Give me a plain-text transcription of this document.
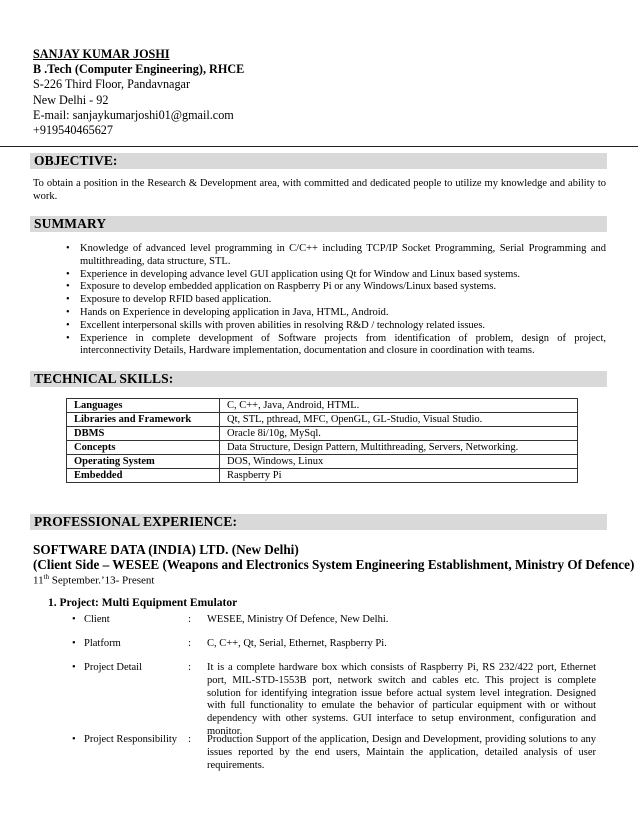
SANJAY KUMAR JOSHI
B .Tech (Computer Engineering), RHCE
S-226 Third Floor, Pandavnagar
New Delhi - 92
E-mail: sanjaykumarjoshi01@gmail.com
+919540465627
OBJECTIVE:
To obtain a position in the Research & Development area, with committed and dedicated people to utilize my knowledge and ability to work.
SUMMARY
• Knowledge of advanced level programming in C/C++ including TCP/IP Socket Programming, Serial Programming and multithreading, data structure, STL.
• Experience in developing advance level GUI application using Qt for Window and Linux based systems.
• Exposure to develop embedded application on Raspberry Pi or any Windows/Linux based systems.
• Exposure to develop RFID based application.
• Hands on Experience in developing application in Java, HTML, Android.
• Excellent interpersonal skills with proven abilities in resolving R&D / technology related issues.
• Experience in complete development of Software projects from identification of problem, design of project, interconnectivity Details, Hardware implementation, documentation and closure in coordination with teams.
TECHNICAL SKILLS:
Languages	C, C++, Java, Android, HTML.
Libraries and Framework	Qt, STL, pthread, MFC, OpenGL, GL-Studio, Visual Studio.
DBMS	Oracle 8i/10g, MySql.
Concepts	Data Structure, Design Pattern, Multithreading, Servers, Networking.
Operating System	DOS, Windows, Linux
Embedded	Raspberry Pi
PROFESSIONAL EXPERIENCE:
SOFTWARE DATA (INDIA) LTD. (New Delhi)
(Client Side – WESEE (Weapons and Electronics System Engineering Establishment, Ministry Of Defence)
11th September.’13- Present
1. Project: Multi Equipment Emulator
• Client	: WESEE, Ministry Of Defence, New Delhi.
• Platform	: C, C++, Qt, Serial, Ethernet, Raspberry Pi.
• Project Detail	: It is a complete hardware box which consists of Raspberry Pi, RS 232/422 port, Ethernet port, MIL-STD-1553B port, network switch and cables etc. This project is complete solution for identifying integration issue before actual system level integration. Designed with full functionality to emulate the behavior of particular equipment with or without dependency with other systems. GUI interface to setup environment, configuration and monitor.
• Project Responsibility : Production Support of the application, Design and Development, providing solutions to any issues reported by the end users, Maintain the application, detailed analysis of user requirements.
